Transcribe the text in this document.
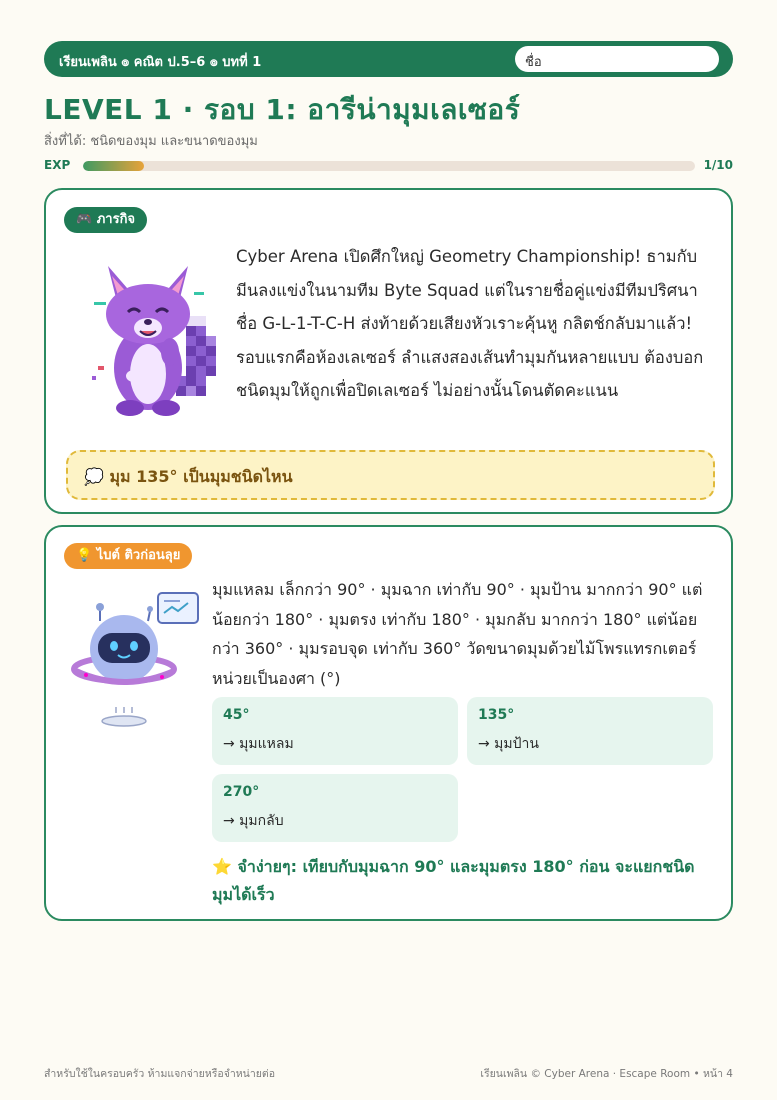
เรียนเพลิน ๏ คณิต ป.5–6 ๏ บทที่ 1	ชื่อ
LEVEL 1 · รอบ 1: อารีน่ามุมเลเซอร์
สิ่งที่ได้: ชนิดของมุม และขนาดของมุม
EXP	1/10
🎮 ภารกิจ
Cyber Arena เปิดศึกใหญ่ Geometry Championship! ธามกับมีนลงแข่งในนามทีม Byte Squad แต่ในรายชื่อคู่แข่งมีทีมปริศนาชื่อ G-L-1-T-C-H ส่งท้ายด้วยเสียงหัวเราะคุ้นหู กลิตช์กลับมาแล้ว! รอบแรกคือห้องเลเซอร์ ลำแสงสองเส้นทำมุมกันหลายแบบ ต้องบอกชนิดมุมให้ถูกเพื่อปิดเลเซอร์ ไม่อย่างนั้นโดนตัดคะแนน
💭 มุม 135° เป็นมุมชนิดไหน
💡 ไบต์ ติวก่อนลุย
มุมแหลม เล็กกว่า 90° · มุมฉาก เท่ากับ 90° · มุมป้าน มากกว่า 90° แต่น้อยกว่า 180° · มุมตรง เท่ากับ 180° · มุมกลับ มากกว่า 180° แต่น้อยกว่า 360° · มุมรอบจุด เท่ากับ 360° วัดขนาดมุมด้วยไม้โพรแทรกเตอร์ หน่วยเป็นองศา (°)
45°
→ มุมแหลม
135°
→ มุมป้าน
270°
→ มุมกลับ
⭐ จำง่ายๆ: เทียบกับมุมฉาก 90° และมุมตรง 180° ก่อน จะแยกชนิดมุมได้เร็ว
สำหรับใช้ในครอบครัว ห้ามแจกจ่ายหรือจำหน่ายต่อ	เรียนเพลิน © Cyber Arena · Escape Room • หน้า 4
